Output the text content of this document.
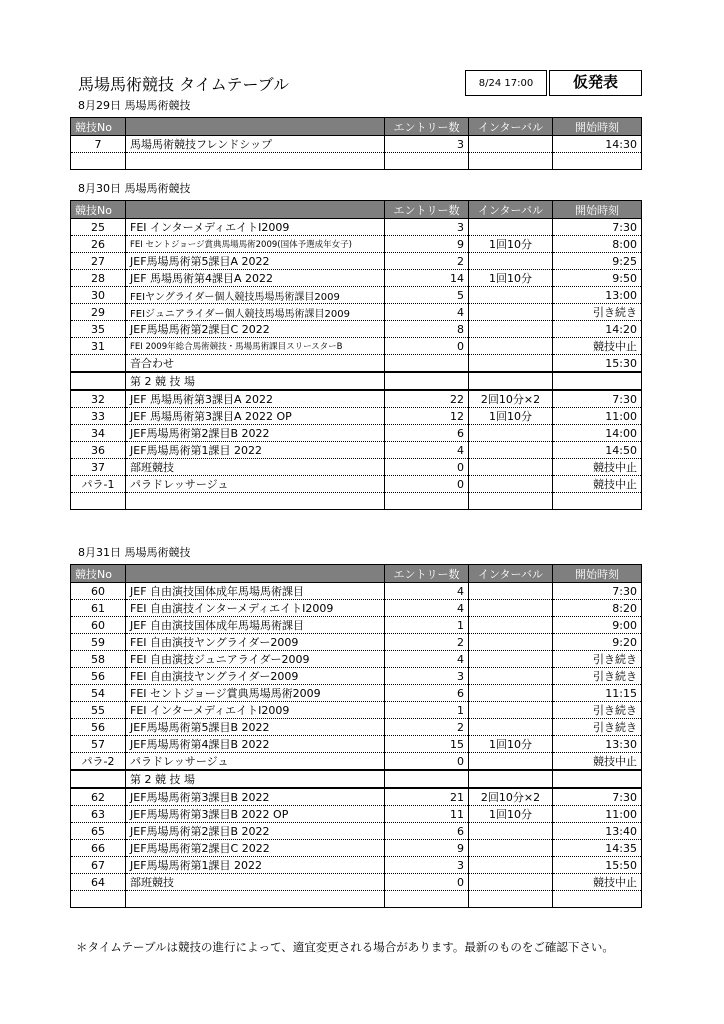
馬場馬術競技 タイムテーブル	8/24 17:00	仮発表
8月29日 馬場馬術競技
競技No		エントリー数	インターバル	開始時刻
7	馬場馬術競技フレンドシップ	3		14:30

8月30日 馬場馬術競技
競技No		エントリー数	インターバル	開始時刻
25	FEI インターメディエイトⅠ2009	3		7:30
26	FEI セントジョージ賞典馬場馬術2009(国体予選成年女子)	9	1回10分	8:00
27	JEF馬場馬術第5課目A 2022	2		9:25
28	JEF 馬場馬術第4課目A 2022	14	1回10分	9:50
30	FEIヤングライダー個人競技馬場馬術課目2009	5		13:00
29	FEIジュニアライダー個人競技馬場馬術課目2009	4		引き続き
35	JEF馬場馬術第2課目C 2022	8		14:20
31	FEI 2009年総合馬術競技・馬場馬術課目スリースターB	0		競技中止
	音合わせ			15:30
	第 2 競 技 場			
32	JEF 馬場馬術第3課目A 2022	22	2回10分×2	7:30
33	JEF 馬場馬術第3課目A 2022 OP	12	1回10分	11:00
34	JEF馬場馬術第2課目B 2022	6		14:00
36	JEF馬場馬術第1課目 2022	4		14:50
37	部班競技	0		競技中止
パラ-1	パラドレッサージュ	0		競技中止

8月31日 馬場馬術競技
競技No		エントリー数	インターバル	開始時刻
60	JEF 自由演技国体成年馬場馬術課目	4		7:30
61	FEI 自由演技インターメディエイトⅠ2009	4		8:20
60	JEF 自由演技国体成年馬場馬術課目	1		9:00
59	FEI 自由演技ヤングライダー2009	2		9:20
58	FEI 自由演技ジュニアライダー2009	4		引き続き
56	FEI 自由演技ヤングライダー2009	3		引き続き
54	FEI セントジョージ賞典馬場馬術2009	6		11:15
55	FEI インターメディエイトⅠ2009	1		引き続き
56	JEF馬場馬術第5課目B 2022	2		引き続き
57	JEF馬場馬術第4課目B 2022	15	1回10分	13:30
パラ-2	パラドレッサージュ	0		競技中止
	第 2 競 技 場			
62	JEF馬場馬術第3課目B 2022	21	2回10分×2	7:30
63	JEF馬場馬術第3課目B 2022 OP	11	1回10分	11:00
65	JEF馬場馬術第2課目B 2022	6		13:40
66	JEF馬場馬術第2課目C 2022	9		14:35
67	JEF馬場馬術第1課目 2022	3		15:50
64	部班競技	0		競技中止

＊タイムテーブルは競技の進行によって、適宜変更される場合があります。最新のものをご確認下さい。
